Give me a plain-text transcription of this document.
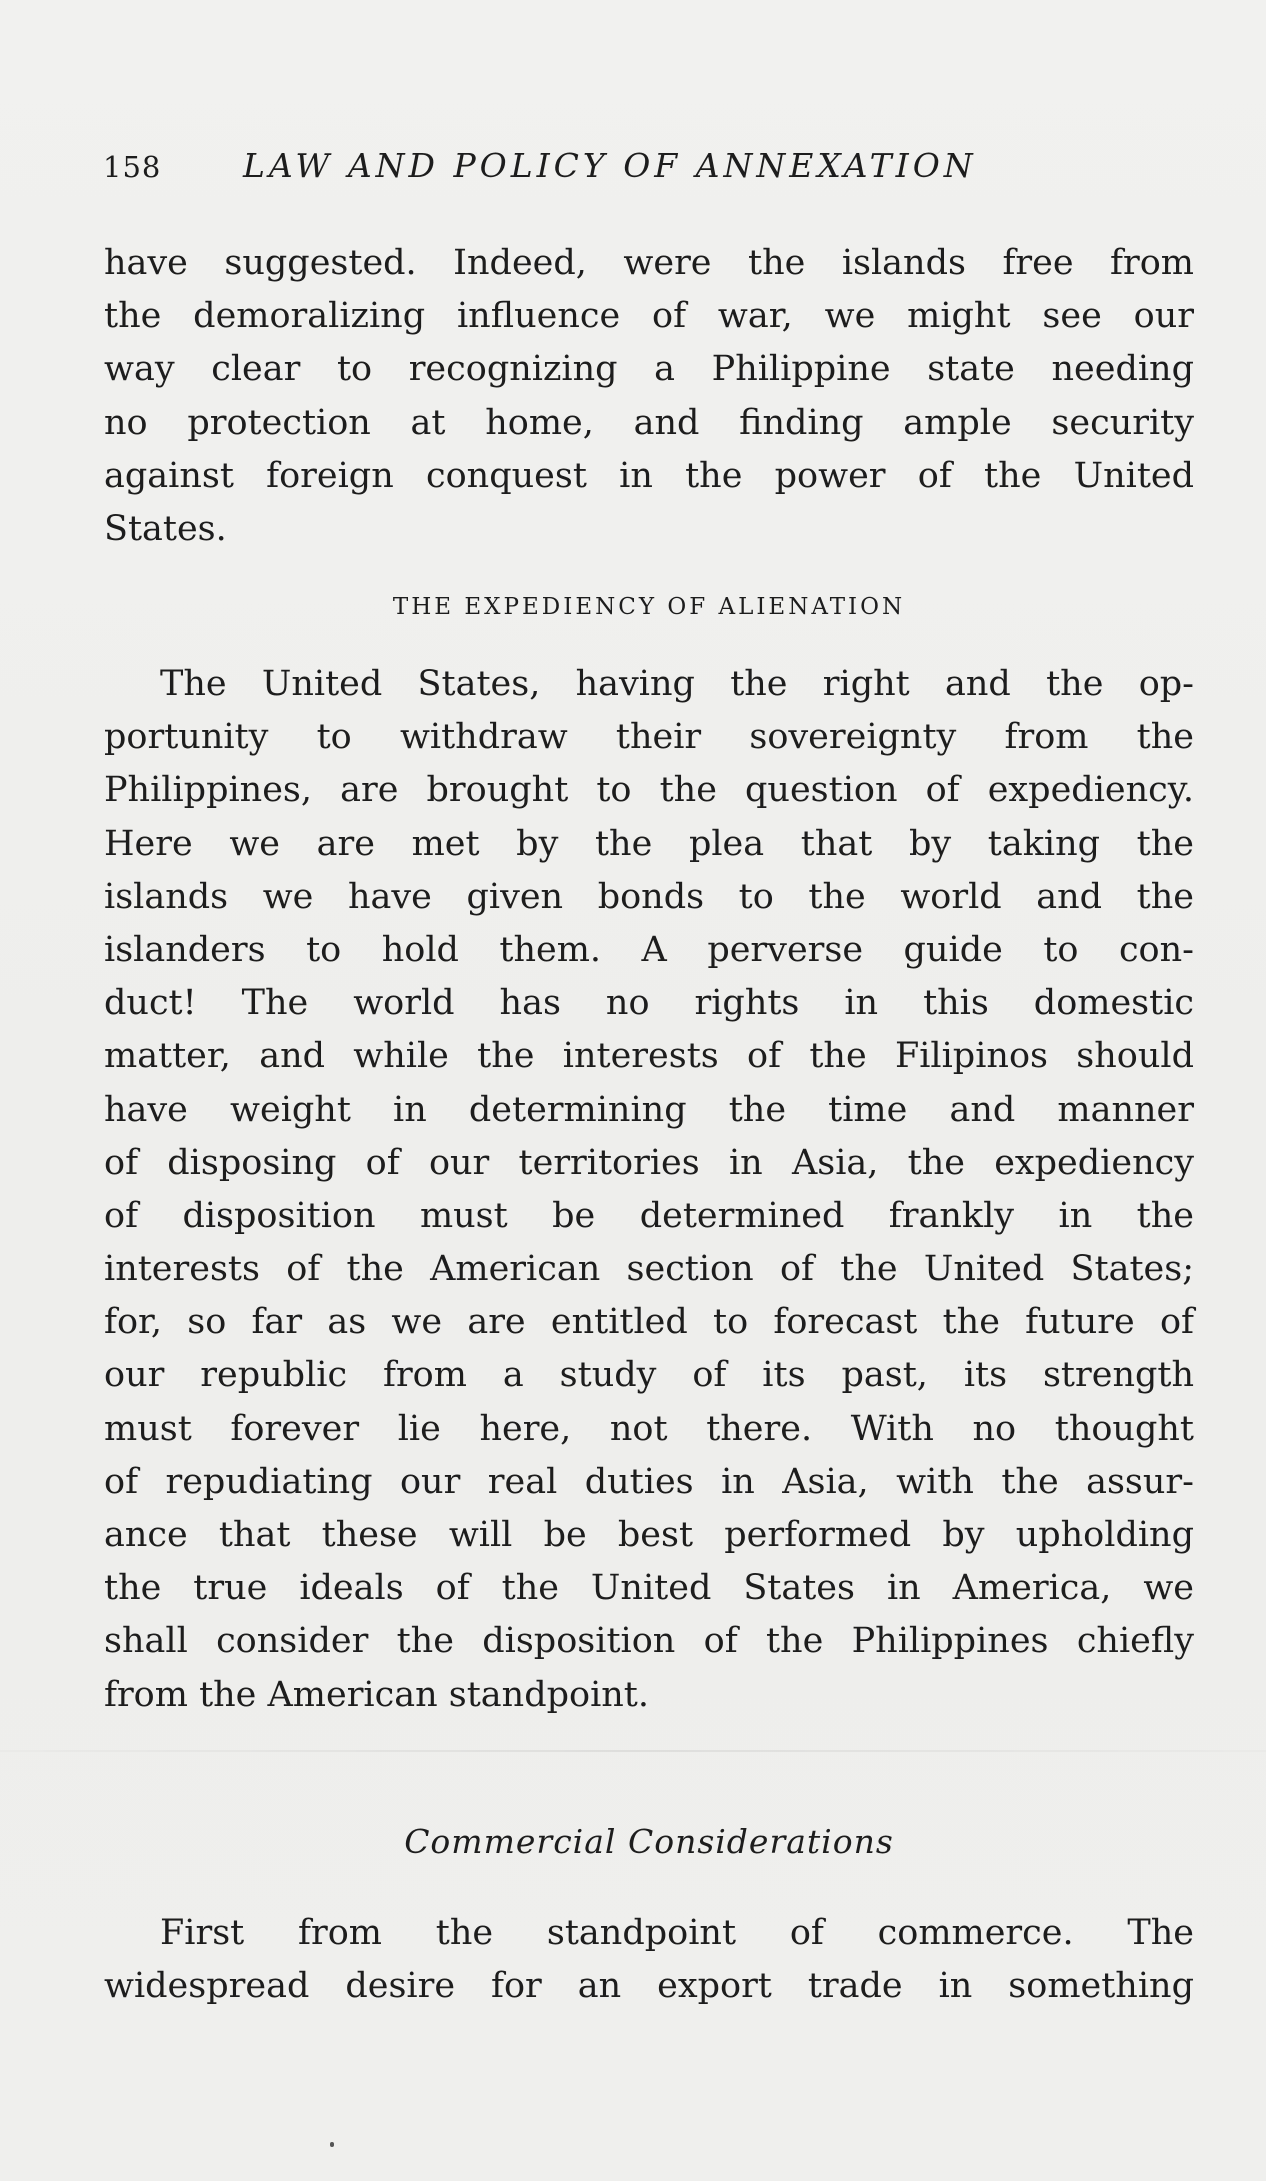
158 LAW AND POLICY OF ANNEXATION
have suggested. Indeed, were the islands free from
the demoralizing influence of war, we might see our
way clear to recognizing a Philippine state needing
no protection at home, and finding ample security
against foreign conquest in the power of the United
States.
THE EXPEDIENCY OF ALIENATION
The United States, having the right and the op-
portunity to withdraw their sovereignty from the
Philippines, are brought to the question of expediency.
Here we are met by the plea that by taking the
islands we have given bonds to the world and the
islanders to hold them. A perverse guide to con-
duct! The world has no rights in this domestic
matter, and while the interests of the Filipinos should
have weight in determining the time and manner
of disposing of our territories in Asia, the expediency
of disposition must be determined frankly in the
interests of the American section of the United States;
for, so far as we are entitled to forecast the future of
our republic from a study of its past, its strength
must forever lie here, not there. With no thought
of repudiating our real duties in Asia, with the assur-
ance that these will be best performed by upholding
the true ideals of the United States in America, we
shall consider the disposition of the Philippines chiefly
from the American standpoint.
Commercial Considerations
First from the standpoint of commerce. The
widespread desire for an export trade in something
